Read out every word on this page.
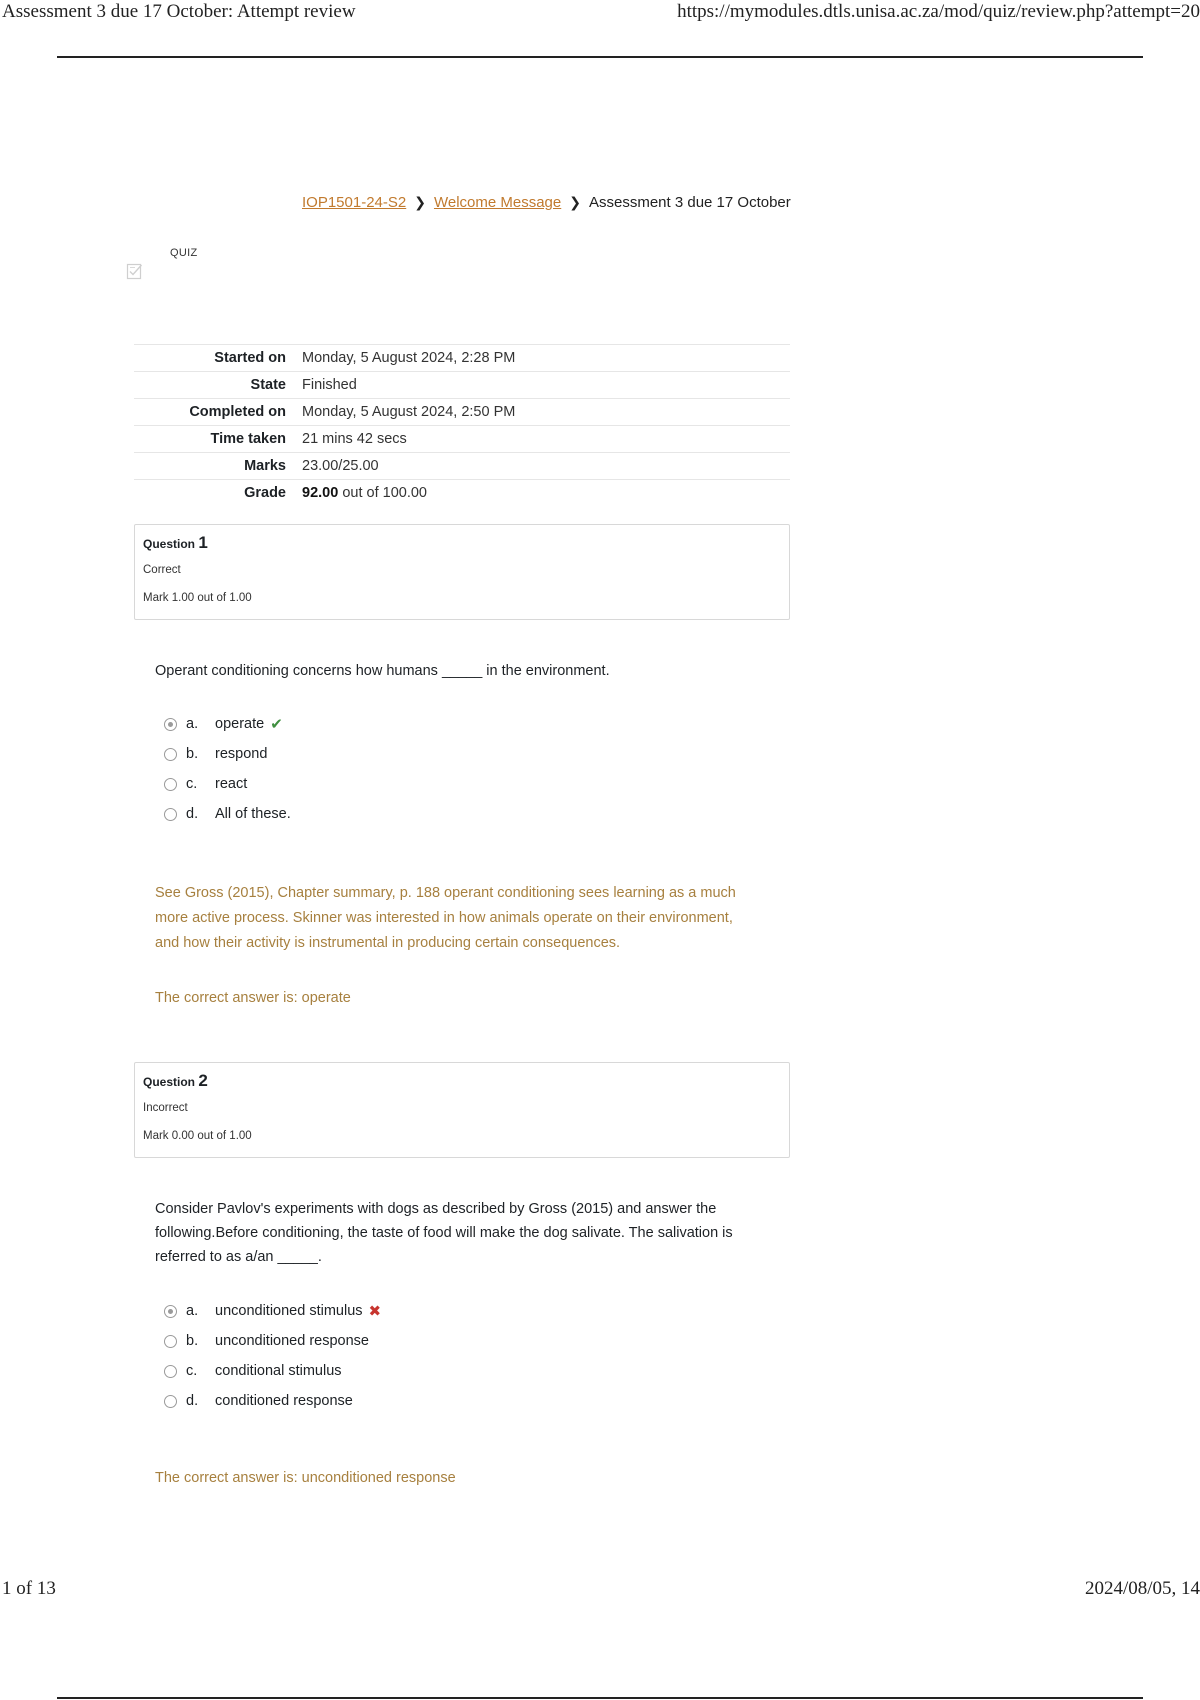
Assessment 3 due 17 October: Attempt review	https://mymodules.dtls.unisa.ac.za/mod/quiz/review.php?attempt=20
IOP1501-24-S2 ❯ Welcome Message ❯ Assessment 3 due 17 October
QUIZ
Started on	Monday, 5 August 2024, 2:28 PM
State	Finished
Completed on	Monday, 5 August 2024, 2:50 PM
Time taken	21 mins 42 secs
Marks	23.00/25.00
Grade	92.00 out of 100.00
Question 1
Correct
Mark 1.00 out of 1.00
Operant conditioning concerns how humans _____ in the environment.
a.	operate ✔
b.	respond
c.	react
d.	All of these.
See Gross (2015), Chapter summary, p. 188 operant conditioning sees learning as a much more active process. Skinner was interested in how animals operate on their environment, and how their activity is instrumental in producing certain consequences.
The correct answer is: operate
Question 2
Incorrect
Mark 0.00 out of 1.00
Consider Pavlov's experiments with dogs as described by Gross (2015) and answer the following.Before conditioning, the taste of food will make the dog salivate. The salivation is referred to as a/an _____.
a.	unconditioned stimulus ✖
b.	unconditioned response
c.	conditional stimulus
d.	conditioned response
The correct answer is: unconditioned response
1 of 13	2024/08/05, 14
